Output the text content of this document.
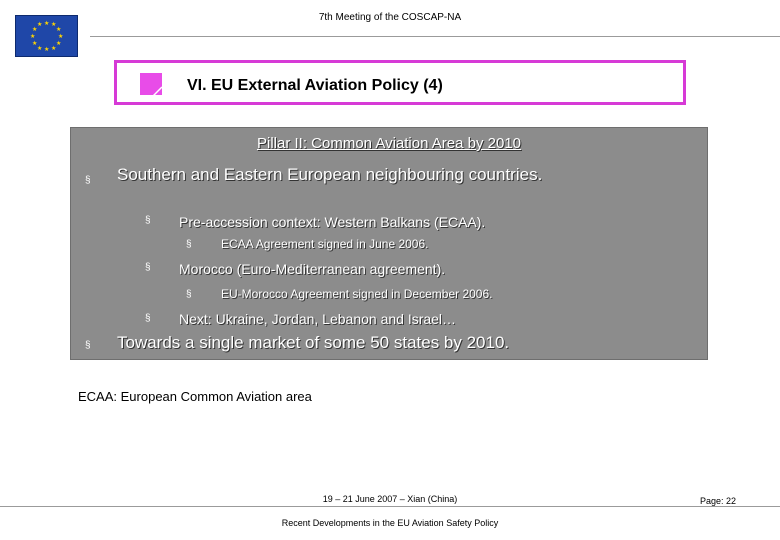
★ ★
★
★
★
★
★
★
★
★
★
★
7th Meeting of the COSCAP-NA
VI. EU External Aviation Policy (4)
Pillar II: Common Aviation Area by 2010
§ Southern and Eastern European neighbouring countries.
§ Pre-accession context: Western Balkans (ECAA).
§ ECAA Agreement signed in June 2006.
§ Morocco (Euro-Mediterranean agreement).
§ EU-Morocco Agreement signed in December 2006.
§ Next: Ukraine, Jordan, Lebanon and Israel…
§ Towards a single market of some 50 states by 2010.
ECAA: European Common Aviation area
19 – 21 June 2007 – Xian (China)	Page: 22
Recent Developments in the EU Aviation Safety Policy
